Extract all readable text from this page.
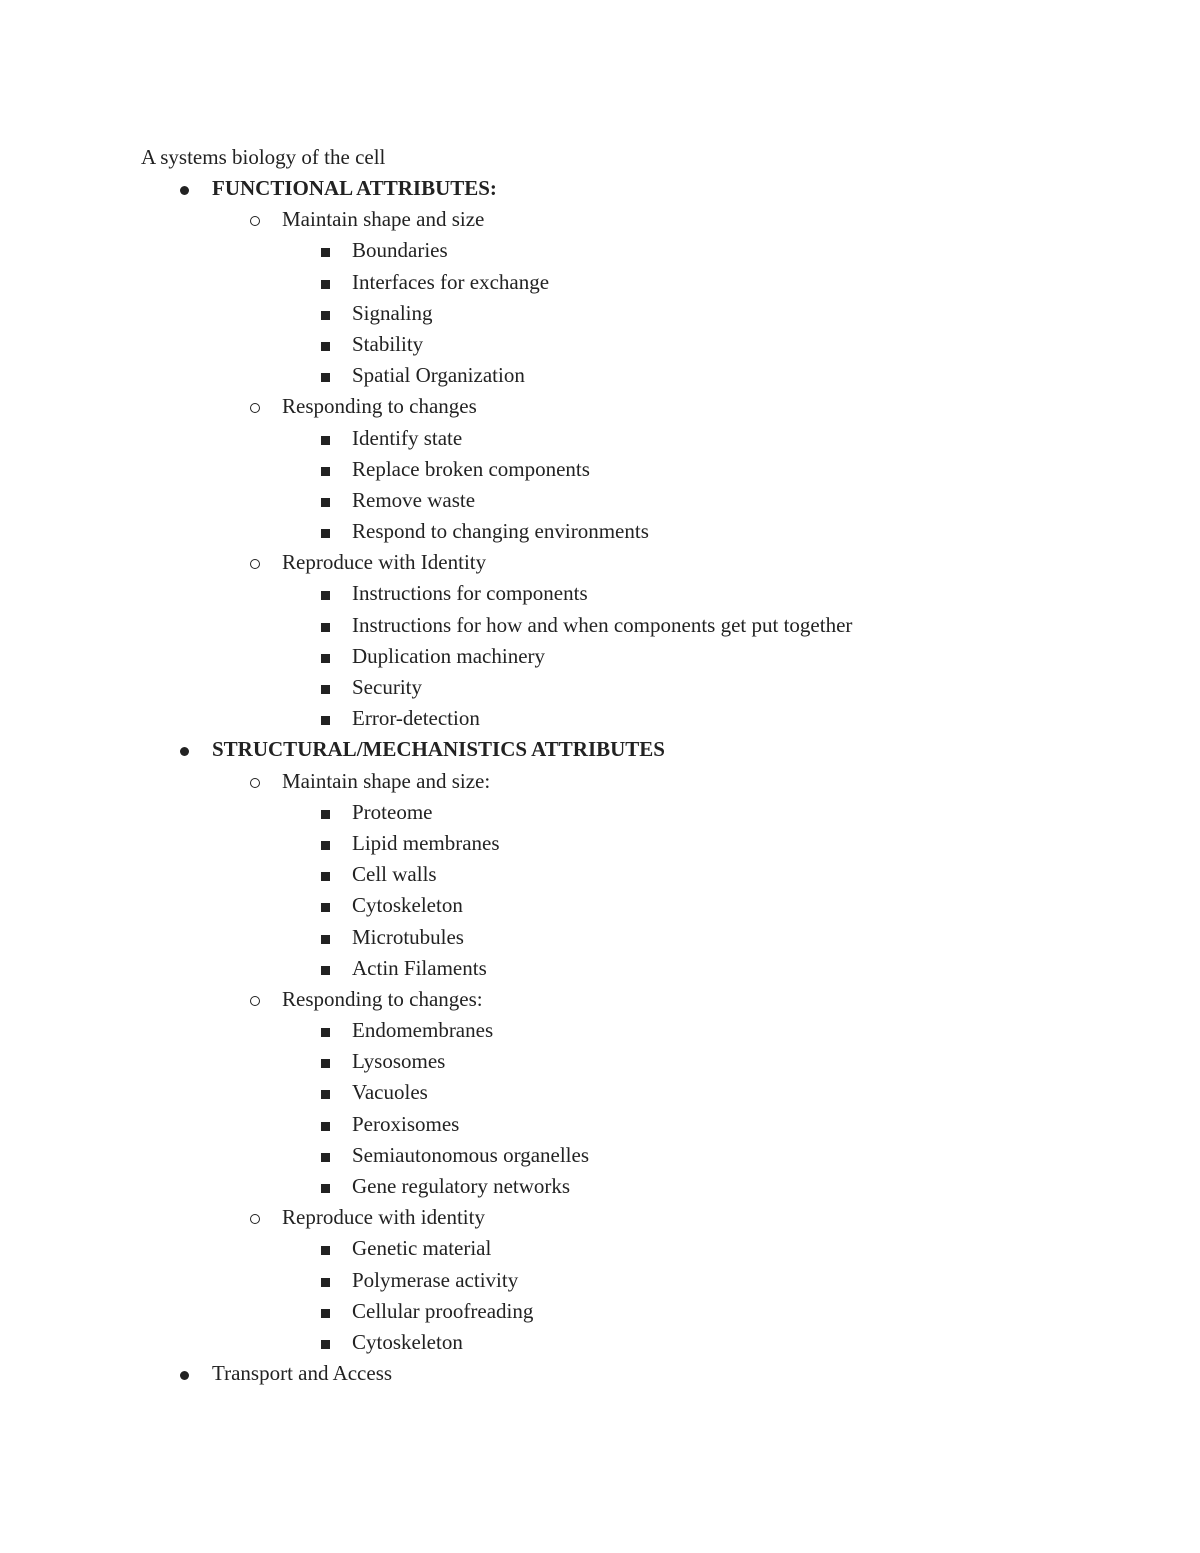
A systems biology of the cell
FUNCTIONAL ATTRIBUTES:
Maintain shape and size
Boundaries
Interfaces for exchange
Signaling
Stability
Spatial Organization
Responding to changes
Identify state
Replace broken components
Remove waste
Respond to changing environments
Reproduce with Identity
Instructions for components
Instructions for how and when components get put together
Duplication machinery
Security
Error-detection
STRUCTURAL/MECHANISTICS ATTRIBUTES
Maintain shape and size:
Proteome
Lipid membranes
Cell walls
Cytoskeleton
Microtubules
Actin Filaments
Responding to changes:
Endomembranes
Lysosomes
Vacuoles
Peroxisomes
Semiautonomous organelles
Gene regulatory networks
Reproduce with identity
Genetic material
Polymerase activity
Cellular proofreading
Cytoskeleton
Transport and Access
